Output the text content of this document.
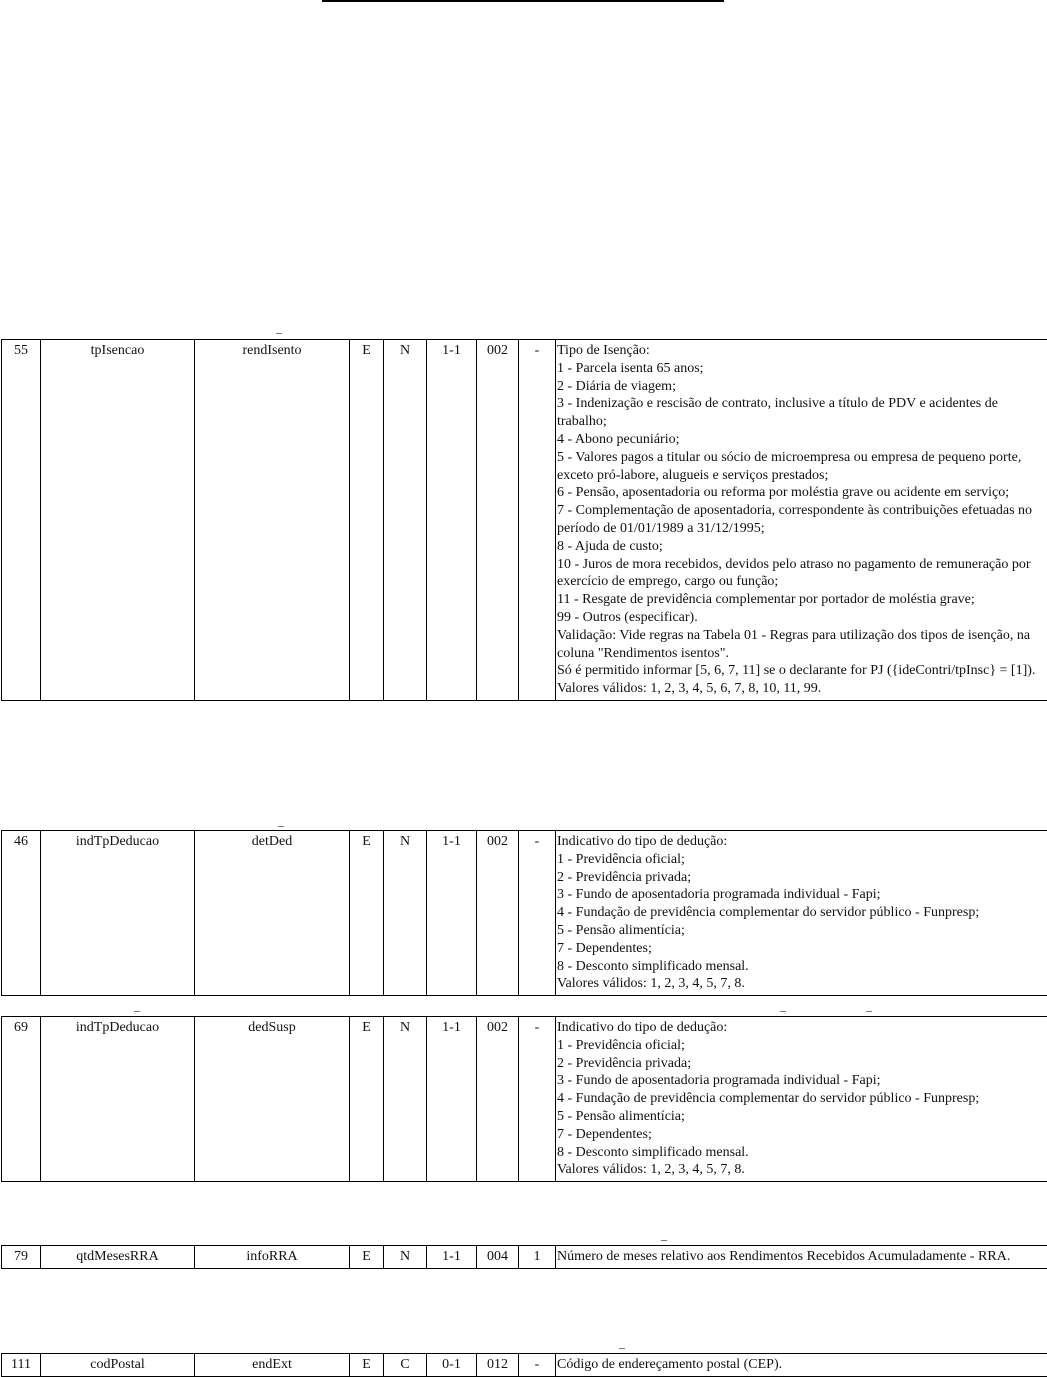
55	tpIsencao	rendIsento	E	N	1-1	002	-	Tipo de Isenção:
1 - Parcela isenta 65 anos;
2 - Diária de viagem;
3 - Indenização e rescisão de contrato, inclusive a título de PDV e acidentes de trabalho;
4 - Abono pecuniário;
5 - Valores pagos a titular ou sócio de microempresa ou empresa de pequeno porte, exceto pró-labore, alugueis e serviços prestados;
6 - Pensão, aposentadoria ou reforma por moléstia grave ou acidente em serviço;
7 - Complementação de aposentadoria, correspondente às contribuições efetuadas no período de 01/01/1989 a 31/12/1995;
8 - Ajuda de custo;
10 - Juros de mora recebidos, devidos pelo atraso no pagamento de remuneração por exercício de emprego, cargo ou função;
11 - Resgate de previdência complementar por portador de moléstia grave;
99 - Outros (especificar).
Validação: Vide regras na Tabela 01 - Regras para utilização dos tipos de isenção, na coluna "Rendimentos isentos".
Só é permitido informar [5, 6, 7, 11] se o declarante for PJ ({ideContri/tpInsc} = [1]).
Valores válidos: 1, 2, 3, 4, 5, 6, 7, 8, 10, 11, 99.
46	indTpDeducao	detDed	E	N	1-1	002	-	Indicativo do tipo de dedução:
1 - Previdência oficial;
2 - Previdência privada;
3 - Fundo de aposentadoria programada individual - Fapi;
4 - Fundação de previdência complementar do servidor público - Funpresp;
5 - Pensão alimentícia;
7 - Dependentes;
8 - Desconto simplificado mensal.
Valores válidos: 1, 2, 3, 4, 5, 7, 8.
69	indTpDeducao	dedSusp	E	N	1-1	002	-	Indicativo do tipo de dedução:
1 - Previdência oficial;
2 - Previdência privada;
3 - Fundo de aposentadoria programada individual - Fapi;
4 - Fundação de previdência complementar do servidor público - Funpresp;
5 - Pensão alimentícia;
7 - Dependentes;
8 - Desconto simplificado mensal.
Valores válidos: 1, 2, 3, 4, 5, 7, 8.
79	qtdMesesRRA	infoRRA	E	N	1-1	004	1	Número de meses relativo aos Rendimentos Recebidos Acumuladamente - RRA.
111	codPostal	endExt	E	C	0-1	012	-	Código de endereçamento postal (CEP).
